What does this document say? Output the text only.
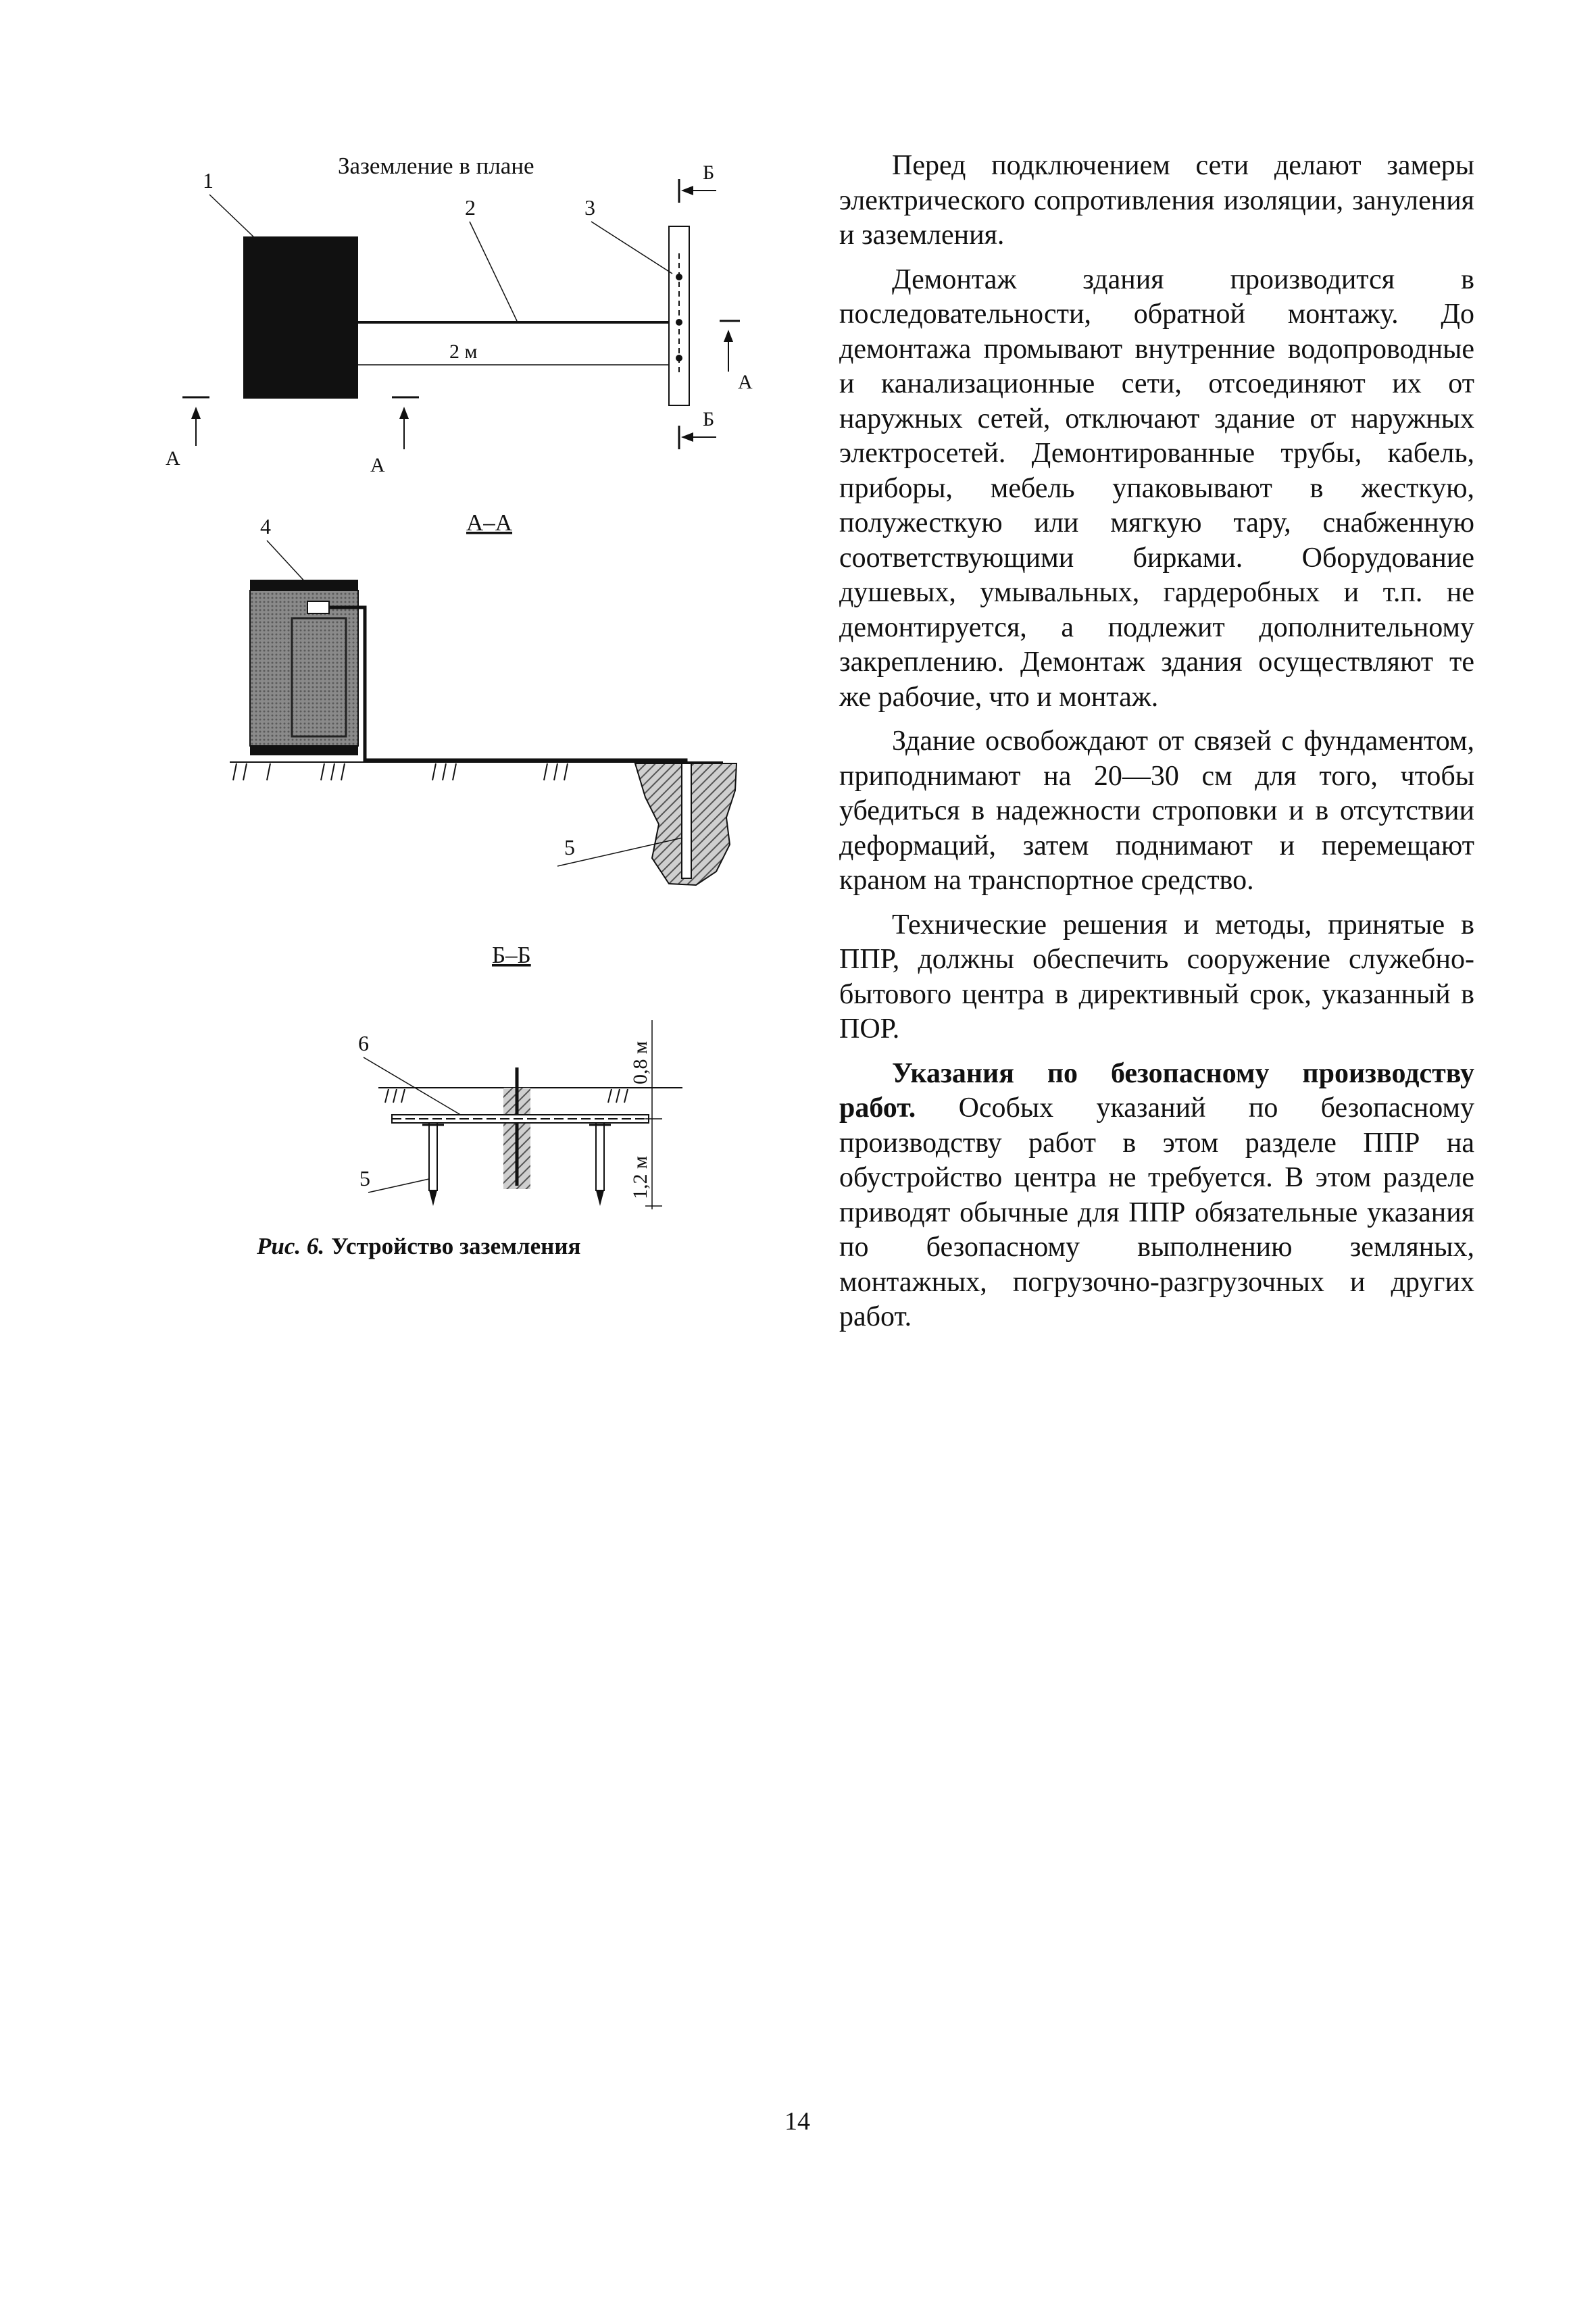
Заземление в плане
2 м
1
2	3
А	А
А
Б
Б
А–А
4
5
Б–Б
6
5
0,8 м
1,2 м
Рис. 6. Устройство заземления

Перед подключением сети делают замеры электрического сопротивления изоляции, зануления и заземления.

Демонтаж здания производится в последовательности, обратной монтажу. До демонтажа промывают внутренние водопроводные и канализационные сети, отсоединяют их от наружных сетей, отключают здание от наружных электросетей. Демонтированные трубы, кабель, приборы, мебель упаковывают в жесткую, полужесткую или мягкую тару, снабженную соответствующими бирками. Оборудование душевых, умывальных, гардеробных и т.п. не демонтируется, а подлежит дополнительному закреплению. Демонтаж здания осуществляют те же рабочие, что и монтаж.

Здание освобождают от связей с фундаментом, приподнимают на 20—30 см для того, чтобы убедиться в надежности строповки и в отсутствии деформаций, затем поднимают и перемещают краном на транспортное средство.

Технические решения и методы, принятые в ППР, должны обеспечить сооружение служебно-бытового центра в директивный срок, указанный в ПОР.

Указания по безопасному производству работ. Особых указаний по безопасному производству работ в этом разделе ППР на обустройство центра не требуется. В этом разделе приводят обычные для ППР обязательные указания по безопасному выполнению земляных, монтажных, погрузочно-разгрузочных и других работ.

14
